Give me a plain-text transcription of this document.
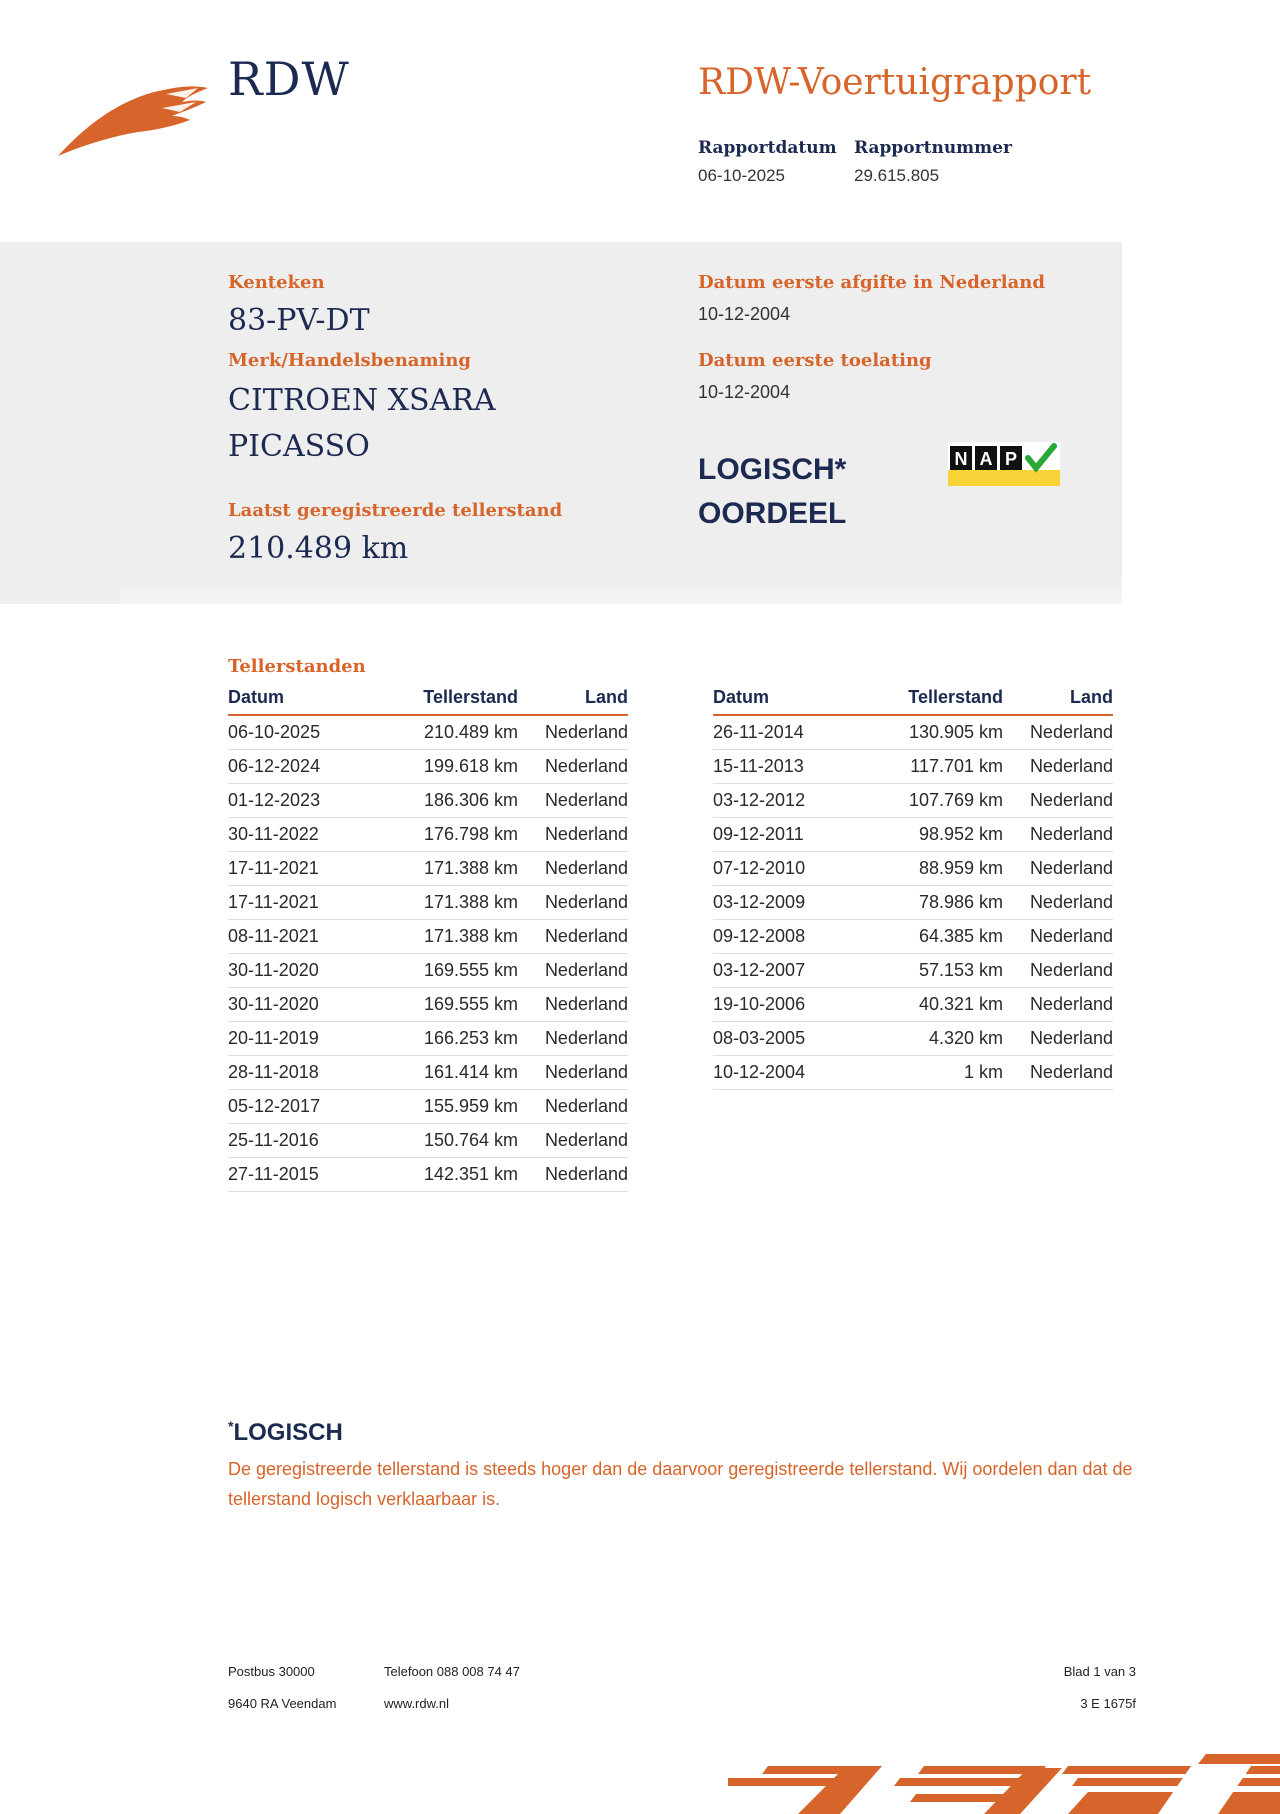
RDW	RDW-Voertuigrapport
Rapportdatum
06-10-2025
Rapportnummer
29.615.805
Kenteken
83-PV-DT
Merk/Handelsbenaming
CITROEN XSARA
PICASSO
Laatst geregistreerde tellerstand
210.489 km
Datum eerste afgifte in Nederland
10-12-2004
Datum eerste toelating
10-12-2004
LOGISCH*
OORDEEL
N A P
Tellerstanden
Datum	Tellerstand	Land
06-10-2025	210.489 km	Nederland
06-12-2024	199.618 km	Nederland
01-12-2023	186.306 km	Nederland
30-11-2022	176.798 km	Nederland
17-11-2021	171.388 km	Nederland
17-11-2021	171.388 km	Nederland
08-11-2021	171.388 km	Nederland
30-11-2020	169.555 km	Nederland
30-11-2020	169.555 km	Nederland
20-11-2019	166.253 km	Nederland
28-11-2018	161.414 km	Nederland
05-12-2017	155.959 km	Nederland
25-11-2016	150.764 km	Nederland
27-11-2015	142.351 km	Nederland
Datum	Tellerstand	Land
26-11-2014	130.905 km	Nederland
15-11-2013	117.701 km	Nederland
03-12-2012	107.769 km	Nederland
09-12-2011	98.952 km	Nederland
07-12-2010	88.959 km	Nederland
03-12-2009	78.986 km	Nederland
09-12-2008	64.385 km	Nederland
03-12-2007	57.153 km	Nederland
19-10-2006	40.321 km	Nederland
08-03-2005	4.320 km	Nederland
10-12-2004	1 km	Nederland
*LOGISCH
De geregistreerde tellerstand is steeds hoger dan de daarvoor geregistreerde tellerstand. Wij oordelen dan dat de tellerstand logisch verklaarbaar is.
Postbus 30000
9640 RA Veendam
Telefoon 088 008 74 47
www.rdw.nl
Blad 1 van 3
3 E 1675f
